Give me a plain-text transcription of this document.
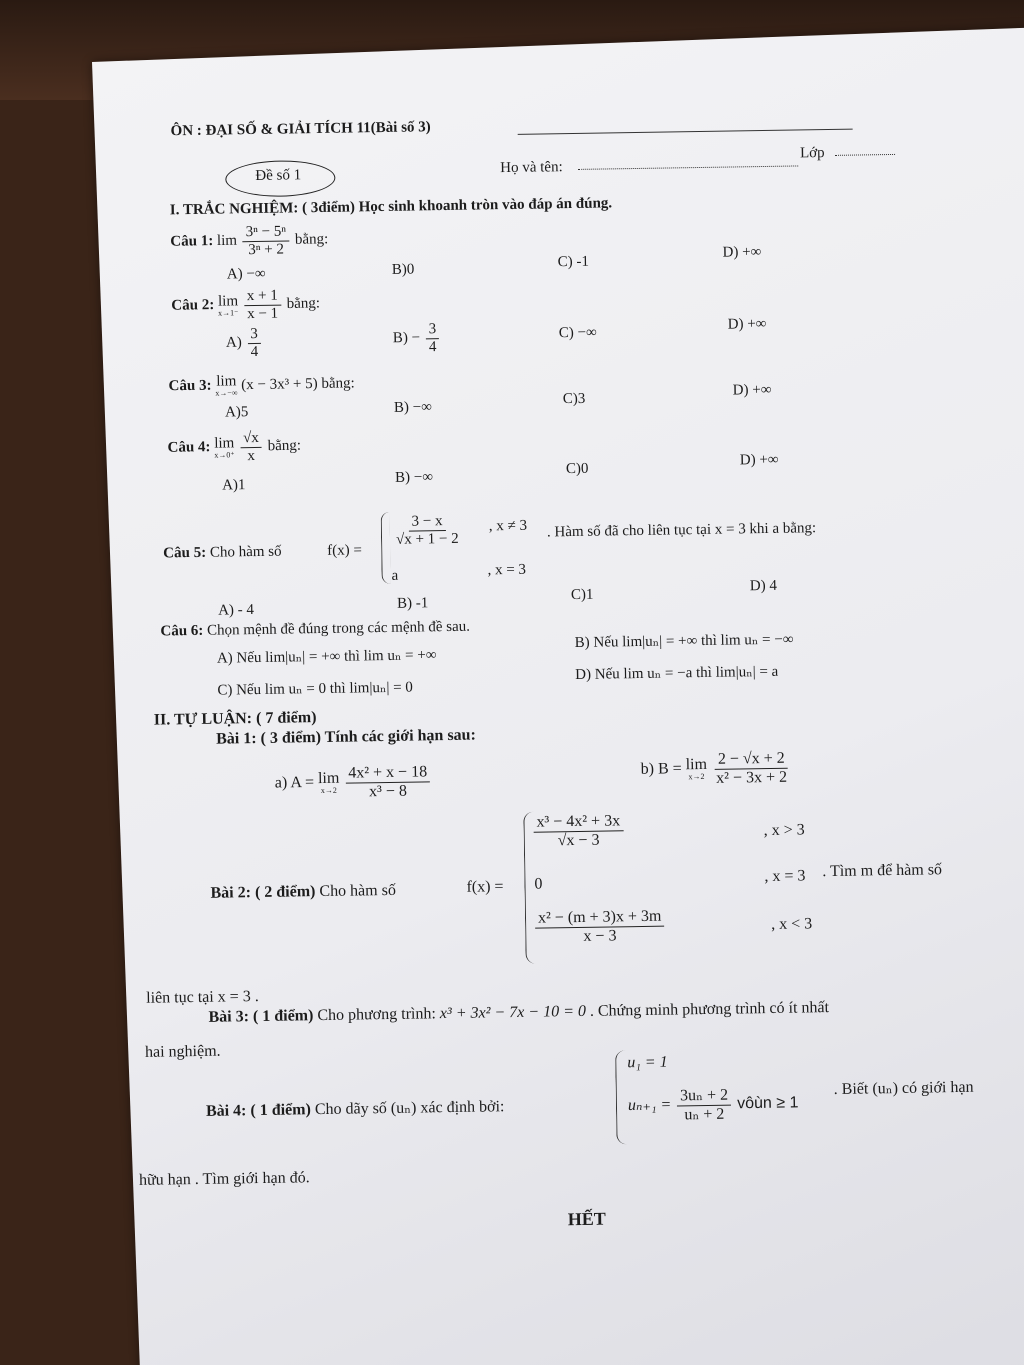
ÔN : ĐẠI SỐ & GIẢI TÍCH 11(Bài số 3)
Đề số 1	Họ và tên:
Lớp
I. TRẮC NGHIỆM: ( 3điểm) Học sinh khoanh tròn vào đáp án đúng.
Câu 1: $\lim \frac{\text{3ⁿ − 5ⁿ}}{\text{3ⁿ + 2}}$ bằng:
A) −∞	B)0	C) -1
D) +∞
Câu 2: lim
x→1⁻
$\frac{x + 1}{x - 1}$ bằng:
$A) \frac{3}{4}$	$B) - \frac{3}{4}$	C) −∞
D) +∞
Câu 3: lim
x→−∞ (x − 3x³ + 5) bằng:
A)5	B) −∞
C)3
D) +∞
Câu 4: lim
x→0⁺
$\frac{√x}{x}$ bằng:
A)1	B) −∞
C)0
D) +∞
Câu 5: Cho hàm số	f(x) =
$\frac{3 - x}{√x + 1 - 2}$ , x ≠ 3
a	, x = 3
. Hàm số đã cho liên tục tại x = 3 khi a bằng:
A) - 4	B) -1
C)1
D) 4
Câu 6: Chọn mệnh đề đúng trong các mệnh đề sau.
A) Nếu lim|uₙ| = +∞ thì lim uₙ = +∞
B) Nếu lim|uₙ| = +∞ thì lim uₙ = −∞
C) Nếu lim uₙ = 0 thì lim|uₙ| = 0
D) Nếu lim uₙ = −a thì lim|uₙ| = a
II. TỰ LUẬN: ( 7 điểm)
Bài 1: ( 3 điểm) Tính các giới hạn sau:
a) A = lim
x→2
$\frac{\text{4x² + x − 18}}{\text{x³ − 8}}$	b) B = lim
x→2
$\frac{2 - √x + 2}{\text{x² − 3x + 2}}$
Bài 2: ( 2 điểm) Cho hàm số	f(x) =
$\frac{\text{x³ − 4x² + 3x}}{√x - 3}$	, x > 3
0	, x = 3
$\frac{\text{x² − (m + 3)x + 3m}}{x - 3}$	, x < 3
. Tìm m để hàm số
liên tục tại x = 3 .
Bài 3: ( 1 điểm) Cho phương trình: x³ + 3x² − 7x − 10 = 0 . Chứng minh phương trình có ít nhất
hai nghiệm.
Bài 4: ( 1 điểm) Cho dãy số (uₙ) xác định bởi:
u₁ = 1
$u_{n+1} = \frac{\text{3uₙ + 2}}{\text{uₙ + 2}}$ vôùn ≥ 1
. Biết (uₙ) có giới hạn
hữu hạn . Tìm giới hạn đó.
HẾT
